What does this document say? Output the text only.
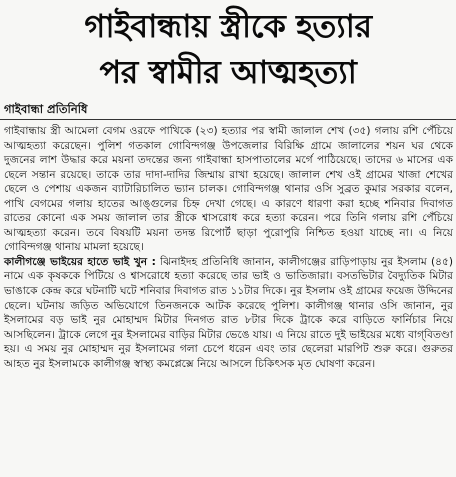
গাইবান্ধায় স্ত্রীকে হত্যার
পর স্বামীর আত্মহত্যা
গাইবান্ধা প্রতিনিধি

গাইবান্ধায় স্ত্রী আমেলা বেগম ওরফে পাখিকে (২৩) হত্যার পর স্বামী জালাল শেখ (৩৫) গলায় রশি পেঁচিয়ে আত্মহত্যা করেছেন। পুলিশ গতকাল গোবিন্দগঞ্জ উপজেলার বিরিক্ষি গ্রামে জালালের শয়ন ঘর থেকে দুজনের লাশ উদ্ধার করে ময়না তদন্তের জন্য গাইবান্ধা হাসপাতালের মর্গে পাঠিয়েছে। তাদের ৬ মাসের এক ছেলে সন্তান রয়েছে। তাকে তার দাদা-দাদির জিম্মায় রাখা হয়েছে। জালাল শেখ ওই গ্রামের খাজা শেখের ছেলে ও পেশায় একজন ব্যাটারিচালিত ভ্যান চালক। গোবিন্দগঞ্জ থানার ওসি সুব্রত কুমার সরকার বলেন, পাখি বেগমের গলায় হাতের আঙ্গুলের চিহ্ন দেখা গেছে। এ কারণে ধারণা করা হচ্ছে শনিবার দিবাগত রাতের কোনো এক সময় জালাল তার স্ত্রীকে শ্বাসরোধ করে হত্যা করেন। পরে তিনি গলায় রশি পেঁচিয়ে আত্মহত্যা করেন। তবে বিষয়টি ময়না তদন্ত রিপোর্ট ছাড়া পুরোপুরি নিশ্চিত হওয়া যাচ্ছে না। এ নিয়ে গোবিন্দগঞ্জ থানায় মামলা হয়েছে।

কালীগঞ্জে ভাইয়ের হাতে ভাই খুন : ঝিনাইদহ প্রতিনিধি জানান, কালীগঞ্জের রাড়িপাড়ায় নুর ইসলাম (৪৫) নামে এক কৃষককে পিটিয়ে ও শ্বাসরোধে হত্যা করেছে তার ভাই ও ভাতিজারা। বসতভিটার বৈদ্যুতিক মিটার ভাঙাকে কেন্দ্র করে ঘটনাটি ঘটে শনিবার দিবাগত রাত ১১টার দিকে। নুর ইসলাম ওই গ্রামের ফয়েজ উদ্দিনের ছেলে। ঘটনায় জড়িত অভিযোগে তিনজনকে আটক করেছে পুলিশ। কালীগঞ্জ থানার ওসি জানান, নুর ইসলামের বড় ভাই নুর মোহাম্মদ মিটার দিনগত রাত ৮টার দিকে ট্রাকে করে বাড়িতে ফার্নিচার নিয়ে আসছিলেন। ট্রাকে লেগে নুর ইসলামের বাড়ির মিটার ভেঙে যায়। এ নিয়ে রাতে দুই ভাইয়ের মধ্যে বাগ্‌বিতণ্ডা হয়। এ সময় নুর মোহাম্মদ নুর ইসলামের গলা চেপে ধরেন এবং তার ছেলেরা মারপিট শুরু করে। গুরুতর আহত নুর ইসলামকে কালীগঞ্জ স্বাস্থ্য কমপ্লেক্সে নিয়ে আসলে চিকিৎসক মৃত ঘোষণা করেন।
